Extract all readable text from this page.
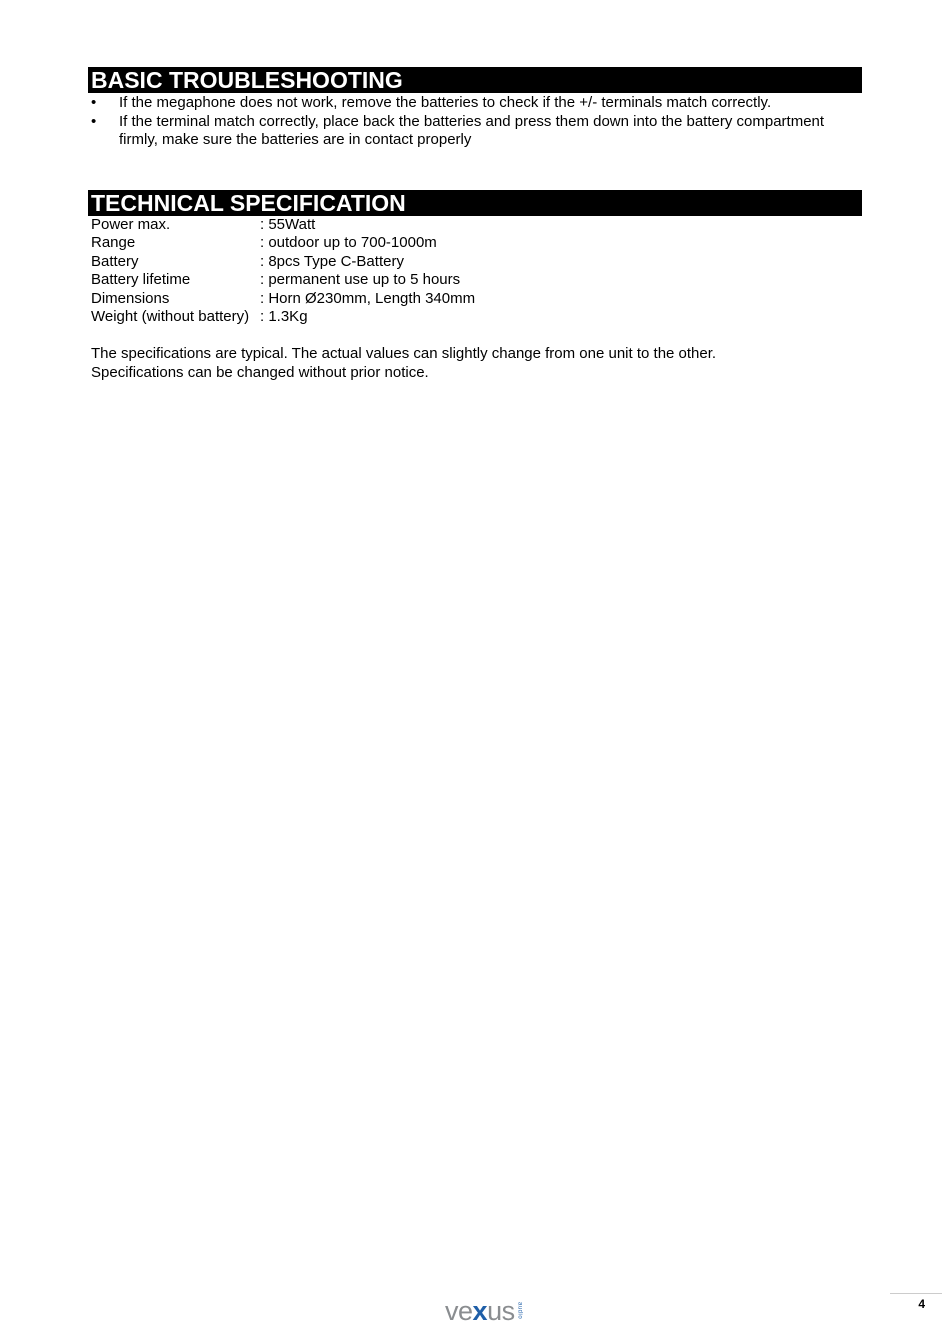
BASIC TROUBLESHOOTING
• If the megaphone does not work, remove the batteries to check if the +/- terminals match correctly.
• If the terminal match correctly, place back the batteries and press them down into the battery compartment firmly, make sure the batteries are in contact properly
TECHNICAL SPECIFICATION
Power max.	: 55Watt
Range	: outdoor up to 700-1000m
Battery	: 8pcs Type C-Battery
Battery lifetime	: permanent use up to 5 hours
Dimensions	: Horn Ø230mm, Length 340mm
Weight (without battery) : 1.3Kg
The specifications are typical. The actual values can slightly change from one unit to the other.
Specifications can be changed without prior notice.
ve x us audio	4
